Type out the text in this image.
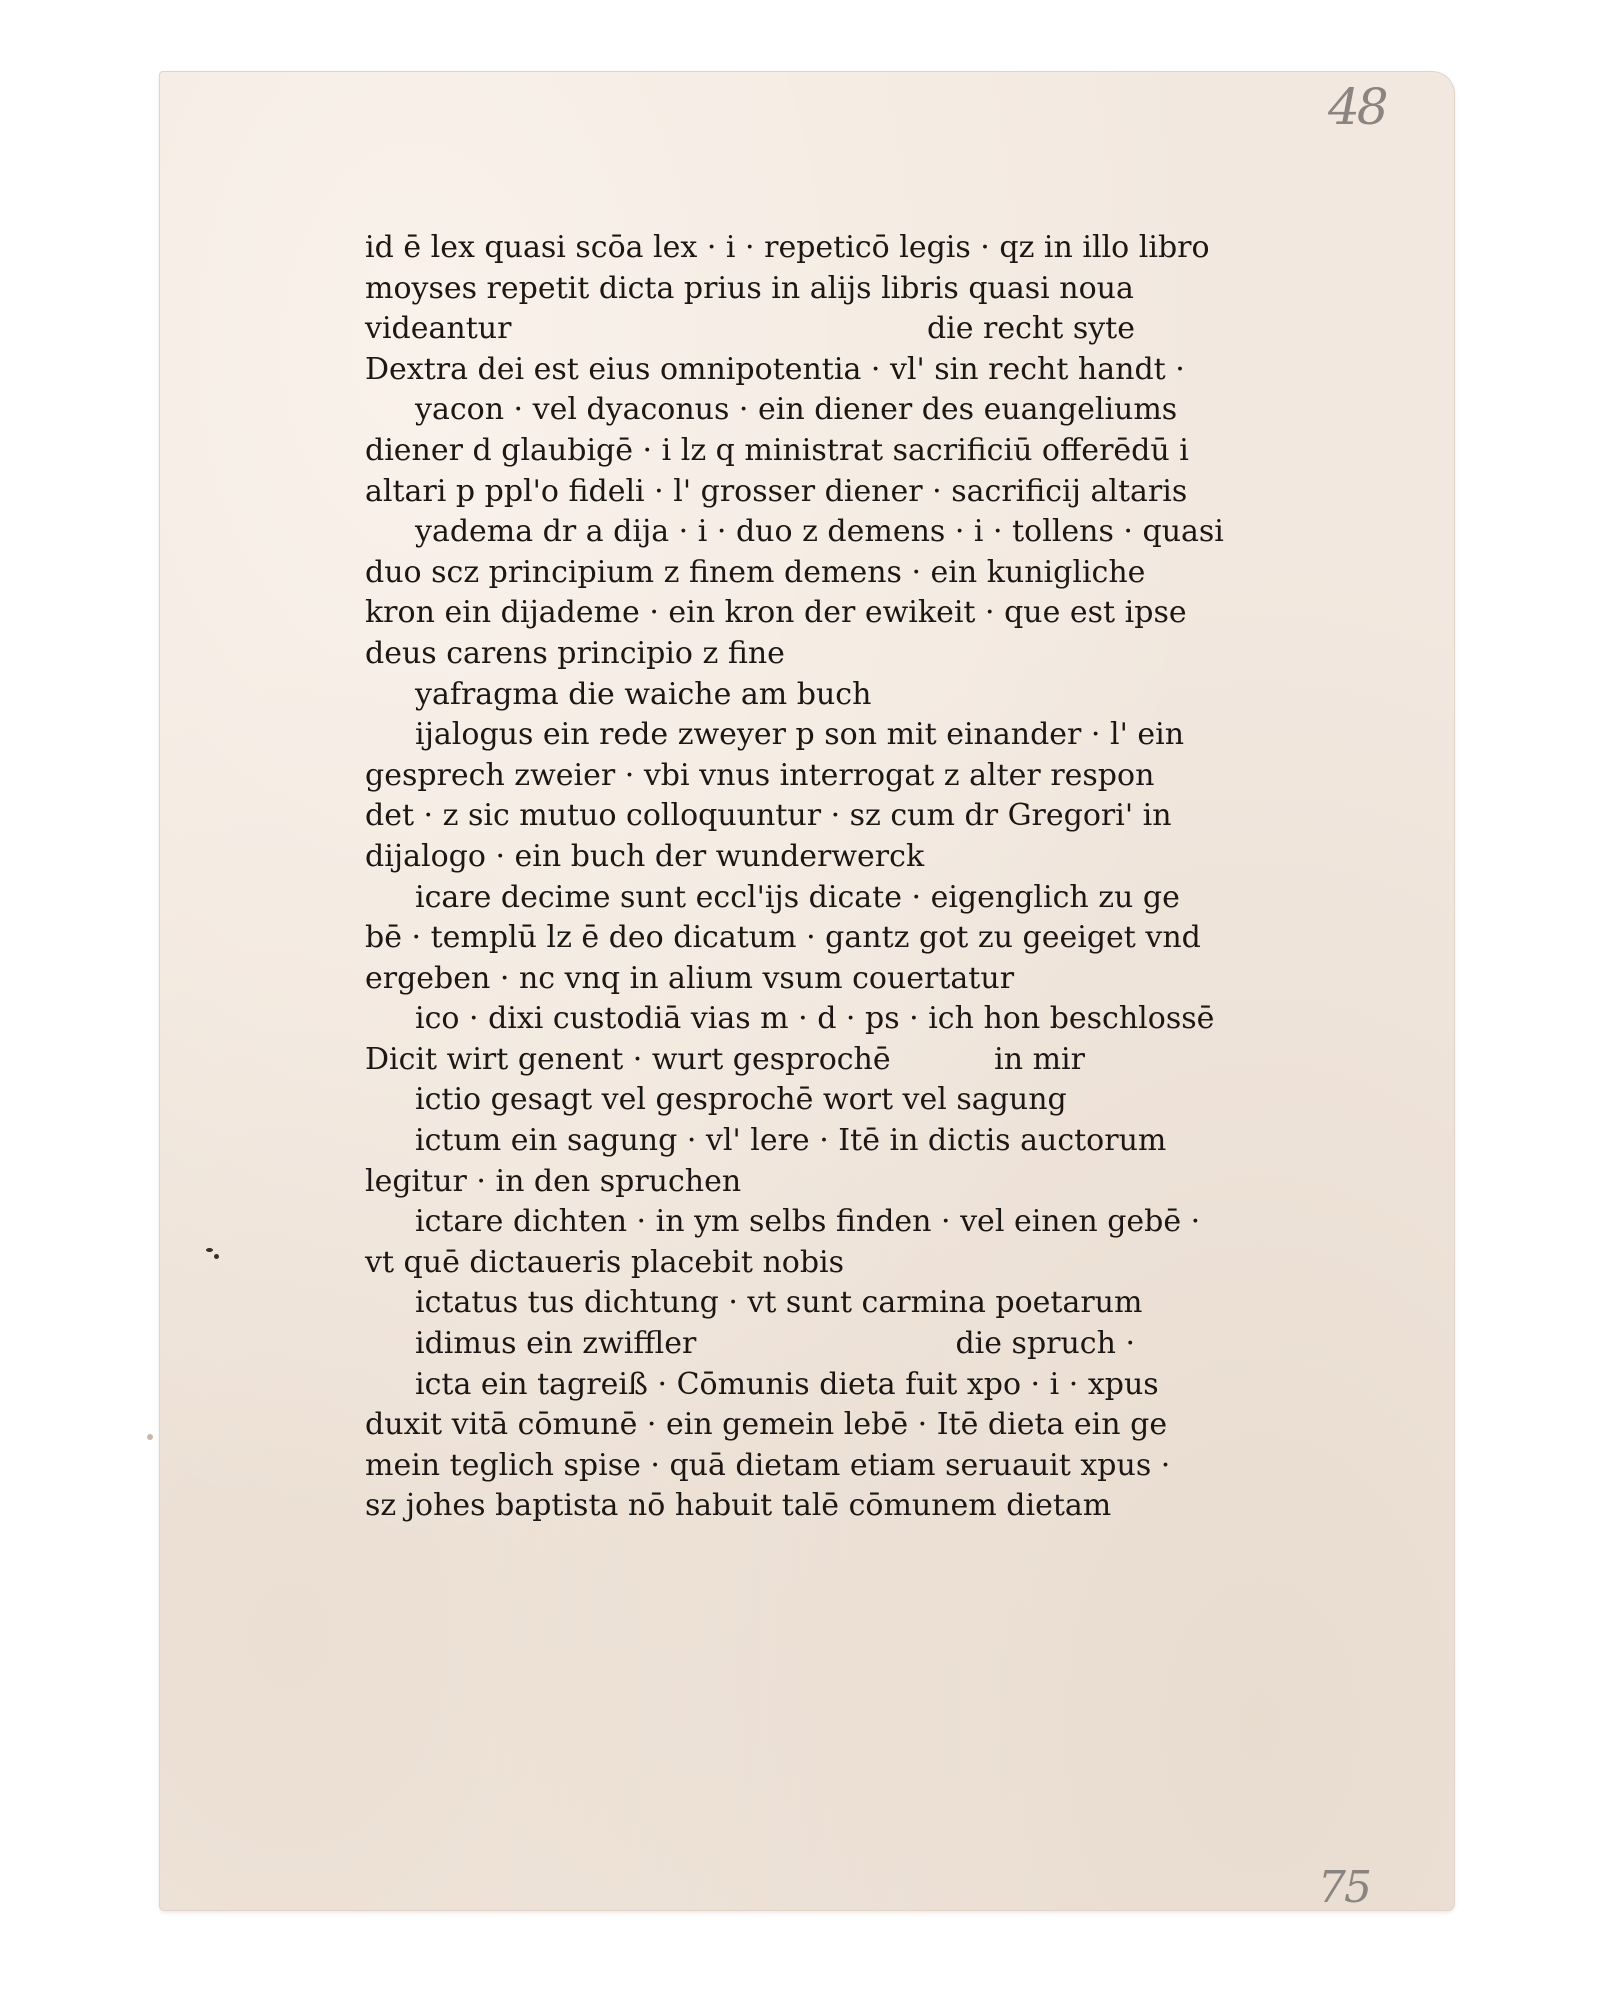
48
75
id ē lex quasi scōa lex · i · repeticō legis · qz in illo libro
moyses repetit dicta prius in alijs libris quasi noua
videantur	die recht syte
Dextra dei est eius omnipotentia · vl' sin recht handt ·
yacon · vel dyaconus · ein diener des euangeliums
diener d glaubigē · i lz q ministrat sacrificiū offerēdū i
altari p ppl'o fideli · l' grosser diener · sacrificij altaris
yadema dr a dija · i · duo z demens · i · tollens · quasi
duo scz principium z finem demens · ein kunigliche
kron ein dijademe · ein kron der ewikeit · que est ipse
deus carens principio z fine
yafragma die waiche am buch
ijalogus ein rede zweyer p son mit einander · l' ein
gesprech zweier · vbi vnus interrogat z alter respon
det · z sic mutuo colloquuntur · sz cum dr Gregori' in
dijalogo · ein buch der wunderwerck
icare decime sunt eccl'ijs dicate · eigenglich zu ge
bē · templū lz ē deo dicatum · gantz got zu geeiget vnd
ergeben · nc vnq in alium vsum couertatur
ico · dixi custodiā vias m · d · ps · ich hon beschlossē
Dicit wirt genent · wurt gesprochē	in mir
ictio gesagt vel gesprochē wort vel sagung
ictum ein sagung · vl' lere · Itē in dictis auctorum
legitur · in den spruchen
ictare dichten · in ym selbs finden · vel einen gebē ·
vt quē dictaueris placebit nobis
ictatus tus dichtung · vt sunt carmina poetarum
idimus ein zwiffler	die spruch ·
icta ein tagreiß · Cōmunis dieta fuit xpo · i · xpus
duxit vitā cōmunē · ein gemein lebē · Itē dieta ein ge
mein teglich spise · quā dietam etiam seruauit xpus ·
sz johes baptista nō habuit talē cōmunem dietam
